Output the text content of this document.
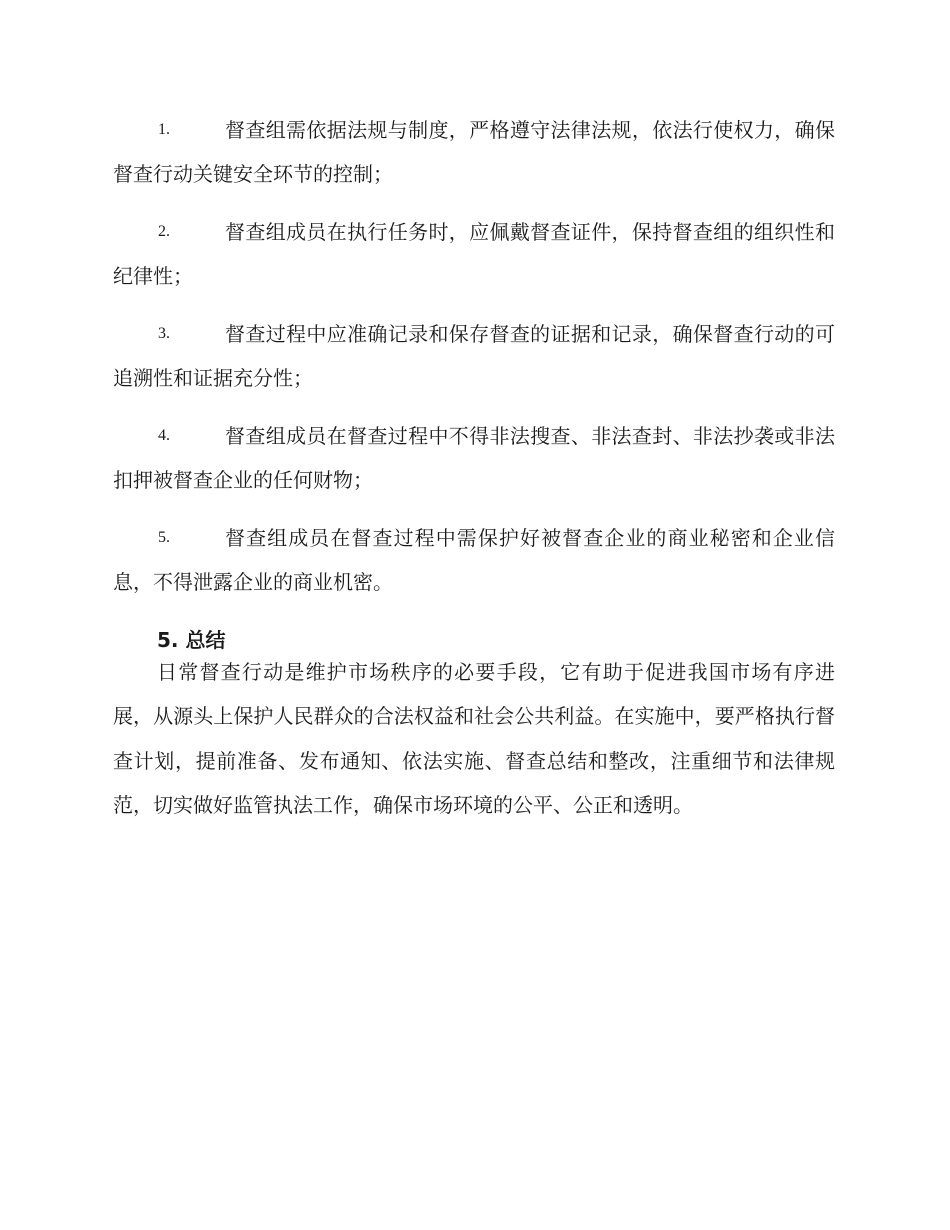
1.	督查组需依据法规与制度，严格遵守法律法规，依法行使权力，确保督查行动关键安全环节的控制；

2.	督查组成员在执行任务时，应佩戴督查证件，保持督查组的组织性和纪律性；

3.	督查过程中应准确记录和保存督查的证据和记录，确保督查行动的可追溯性和证据充分性；

4.	督查组成员在督查过程中不得非法搜查、非法查封、非法抄袭或非法扣押被督查企业的任何财物；

5.	督查组成员在督查过程中需保护好被督查企业的商业秘密和企业信息，不得泄露企业的商业机密。

5. 总结

日常督查行动是维护市场秩序的必要手段，它有助于促进我国市场有序进展，从源头上保护人民群众的合法权益和社会公共利益。在实施中，要严格执行督查计划，提前准备、发布通知、依法实施、督查总结和整改，注重细节和法律规范，切实做好监管执法工作，确保市场环境的公平、公正和透明。
